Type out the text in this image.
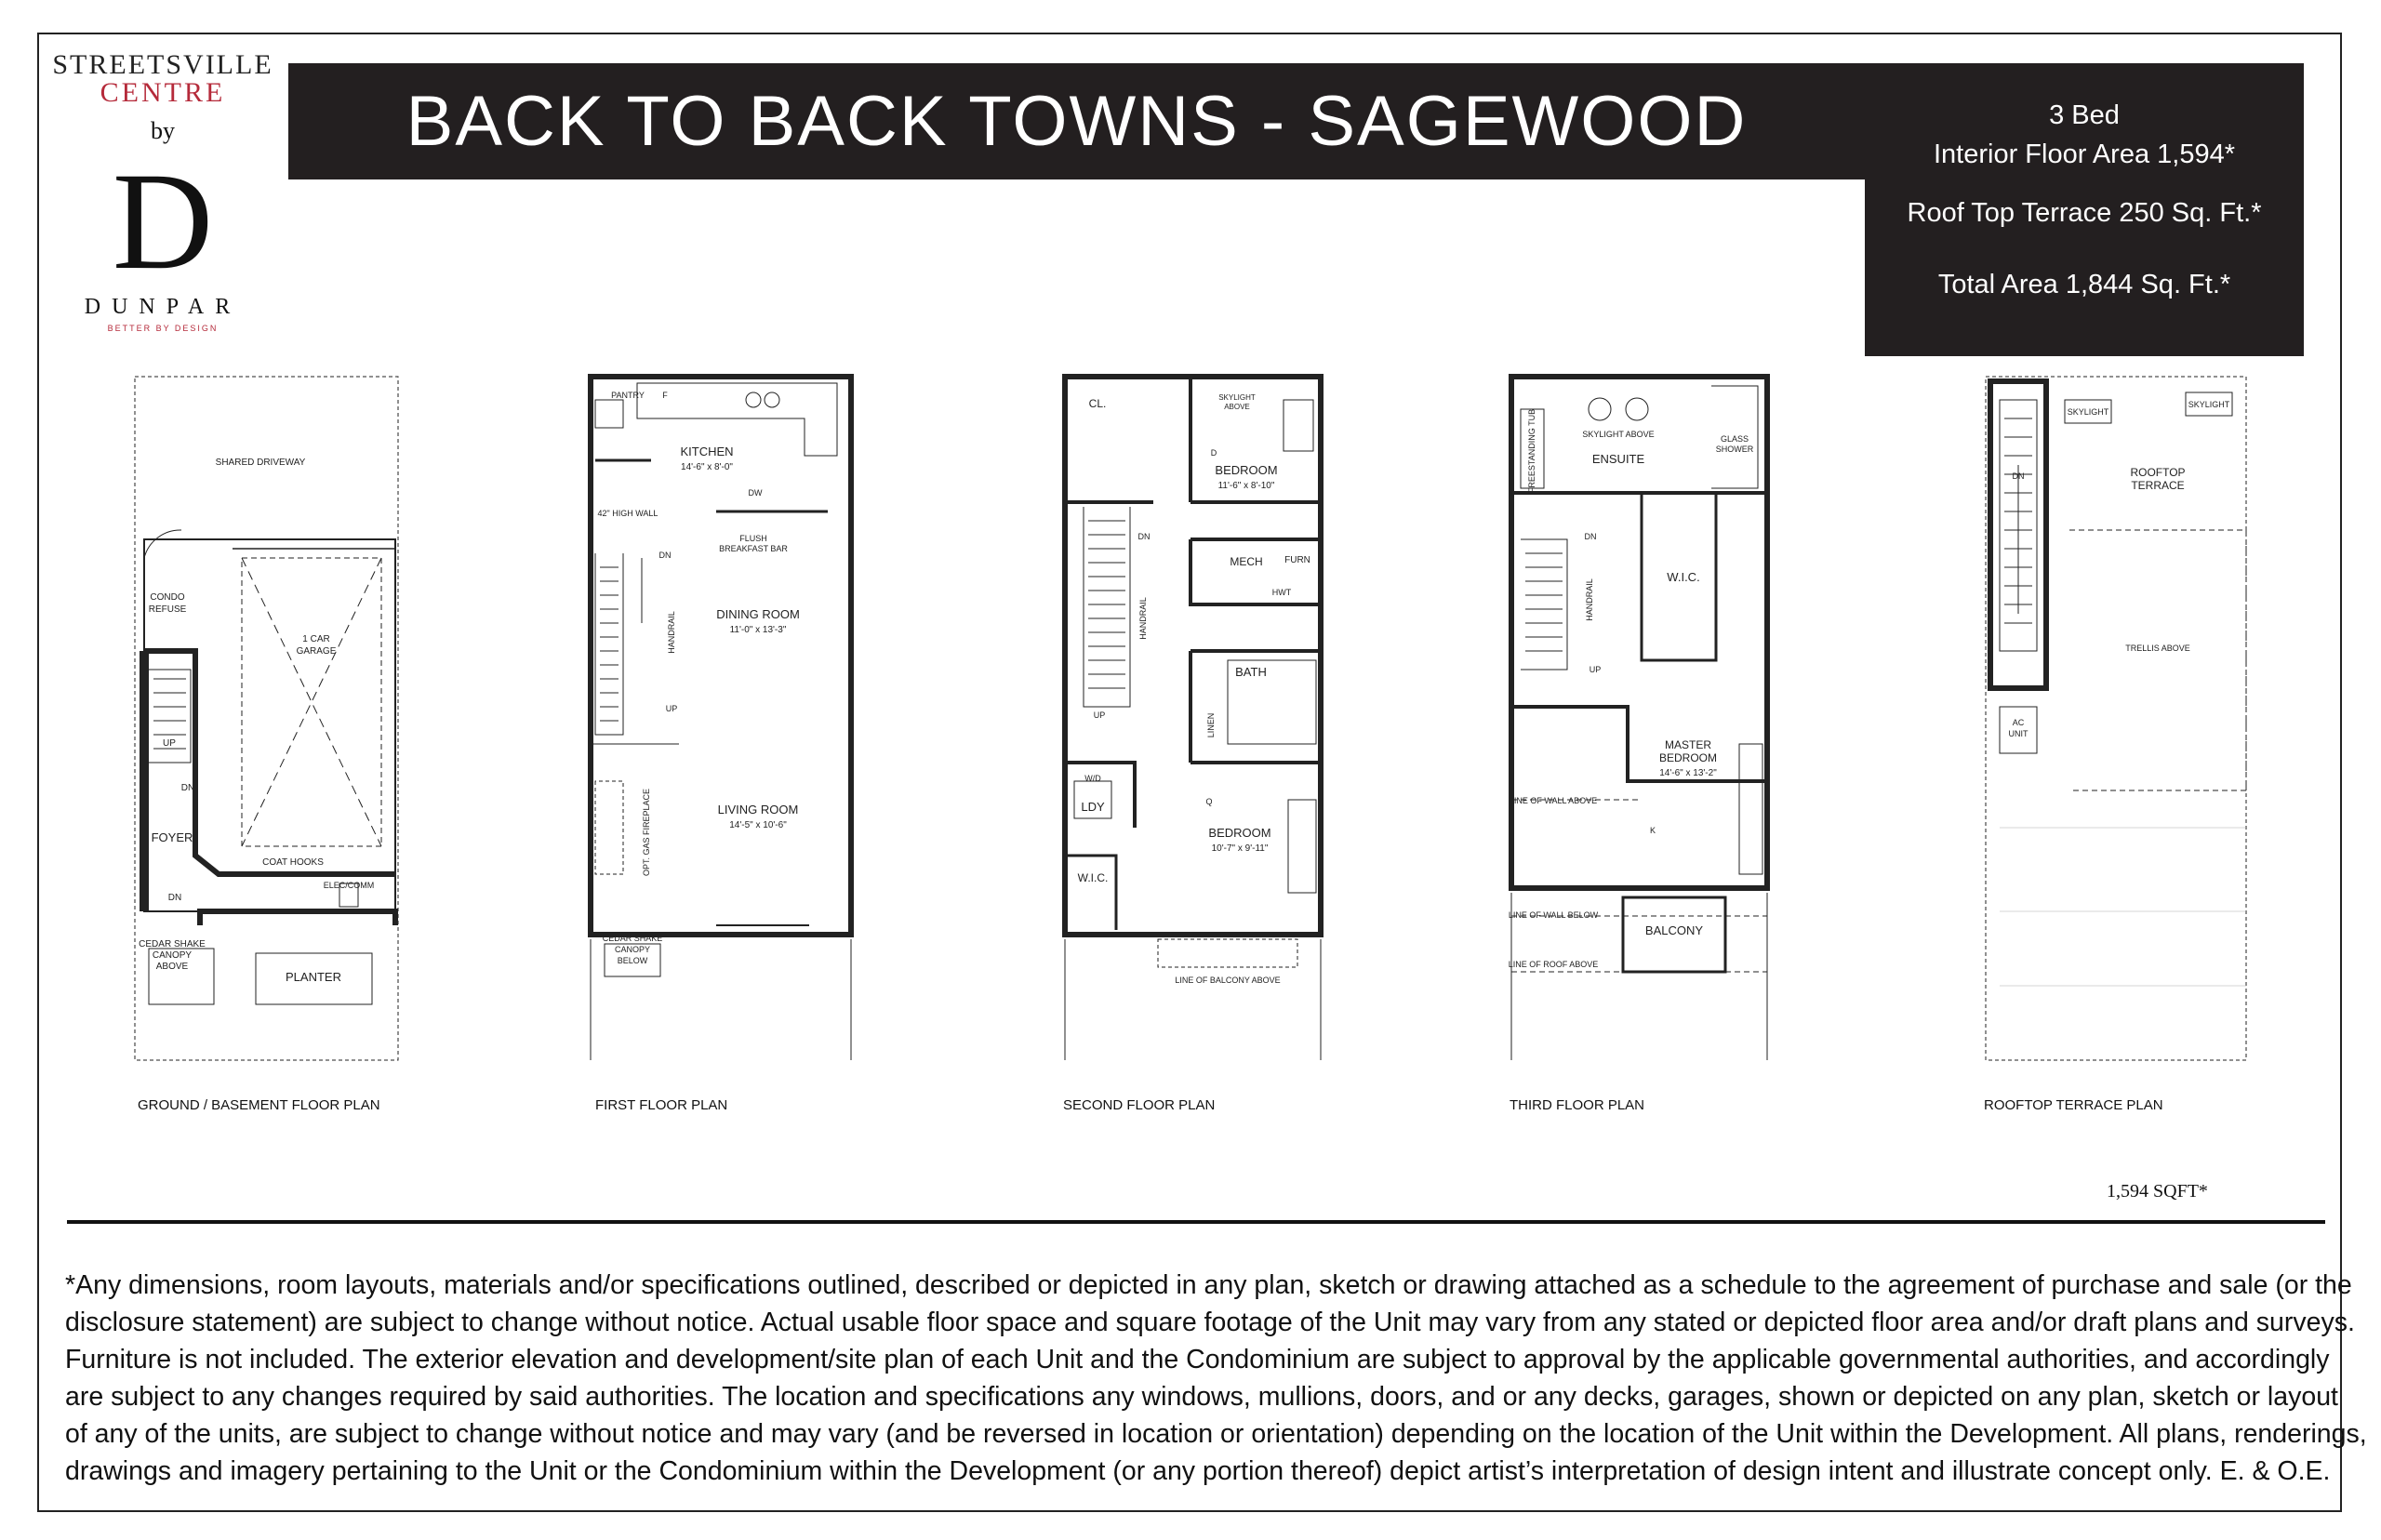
STREETSVILLE
CENTRE
by
D
DUNPAR
BETTER BY DESIGN
BACK TO BACK TOWNS - SAGEWOOD	3 Bed
Interior Floor Area 1,594*
Roof Top Terrace 250 Sq. Ft.*
Total Area 1,844 Sq. Ft.*
SHARED DRIVEWAY
CONDO
REFUSE
1 CAR
GARAGE
UP
DN
FOYER
COAT HOOKS
ELEC/COMM
DN
CEDAR SHAKE
CANOPY
ABOVE
PLANTER
PANTRY F
KITCHEN
14'-6" x 8'-0"
DW
42" HIGH WALL
FLUSH
BREAKFAST BAR
DN
DINING ROOM
11'-0" x 13'-3"
UP
LIVING ROOM
14'-5" x 10'-6"
CEDAR SHAKE
CANOPY
BELOW
HANDRAIL
OPT. GAS FIREPLACE
CL.	SKYLIGHT
ABOVE
D
BEDROOM
11'-6" x 8'-10"
DN
MECH FURN
HWT
BATH
UP
W/D
LDY	Q
BEDROOM
10'-7" x 9'-11"
W.I.C.
LINE OF BALCONY ABOVE
HANDRAIL
LINEN
SKYLIGHT ABOVE	GLASS
SHOWER
ENSUITE
DN
W.I.C.
UP
MASTER
BEDROOM
14'-6" x 13'-2"
LINE OF WALL ABOVE
K
LINE OF WALL BELOW
LINE OF ROOF ABOVE
BALCONY
FREESTANDING TUB
HANDRAIL
SKYLIGHT
SKYLIGHT
DN	ROOFTOP
TERRACE
TRELLIS ABOVE
AC
UNIT
GROUND / BASEMENT FLOOR PLAN	FIRST FLOOR PLAN	SECOND FLOOR PLAN	THIRD FLOOR PLAN	ROOFTOP TERRACE PLAN
1,594 SQFT*

*Any dimensions, room layouts, materials and/or specifications outlined, described or depicted in any plan, sketch or drawing attached as a schedule to the agreement of purchase and sale (or the

disclosure statement) are subject to change without notice. Actual usable floor space and square footage of the Unit may vary from any stated or depicted floor area and/or draft plans and surveys.

Furniture is not included. The exterior elevation and development/site plan of each Unit and the Condominium are subject to approval by the applicable governmental authorities, and accordingly

are subject to any changes required by said authorities. The location and specifications any windows, mullions, doors, and or any decks, garages, shown or depicted on any plan, sketch or layout

of any of the units, are subject to change without notice and may vary (and be reversed in location or orientation) depending on the location of the Unit within the Development. All plans, renderings,

drawings and imagery pertaining to the Unit or the Condominium within the Development (or any portion thereof) depict artist’s interpretation of design intent and illustrate concept only. E. & O.E.
